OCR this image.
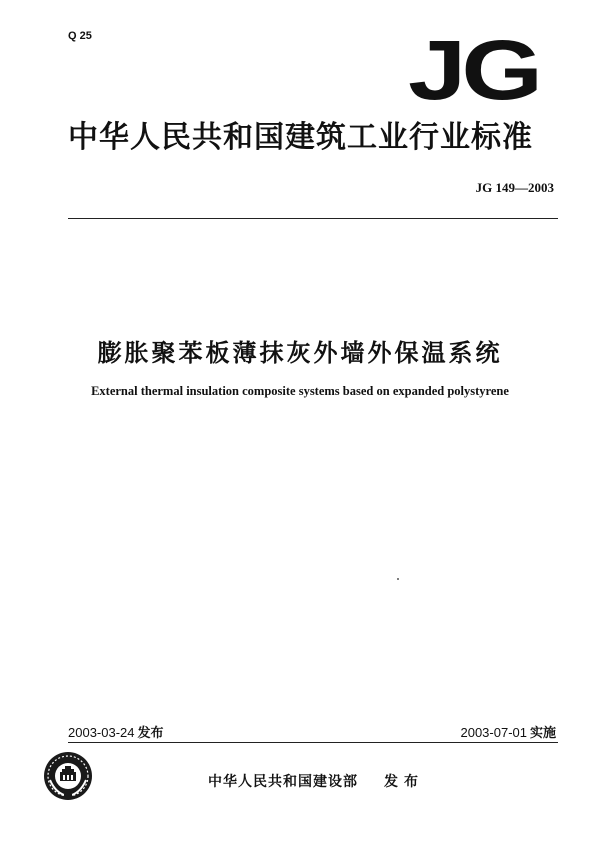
Q 25	JG
中华人民共和国建筑工业行业标准
JG 149—2003
膨胀聚苯板薄抹灰外墙外保温系统
External thermal insulation composite systems based on expanded polystyrene
2003-03-24 发布	2003-07-01 实施
中华人民共和国建设部 发布
